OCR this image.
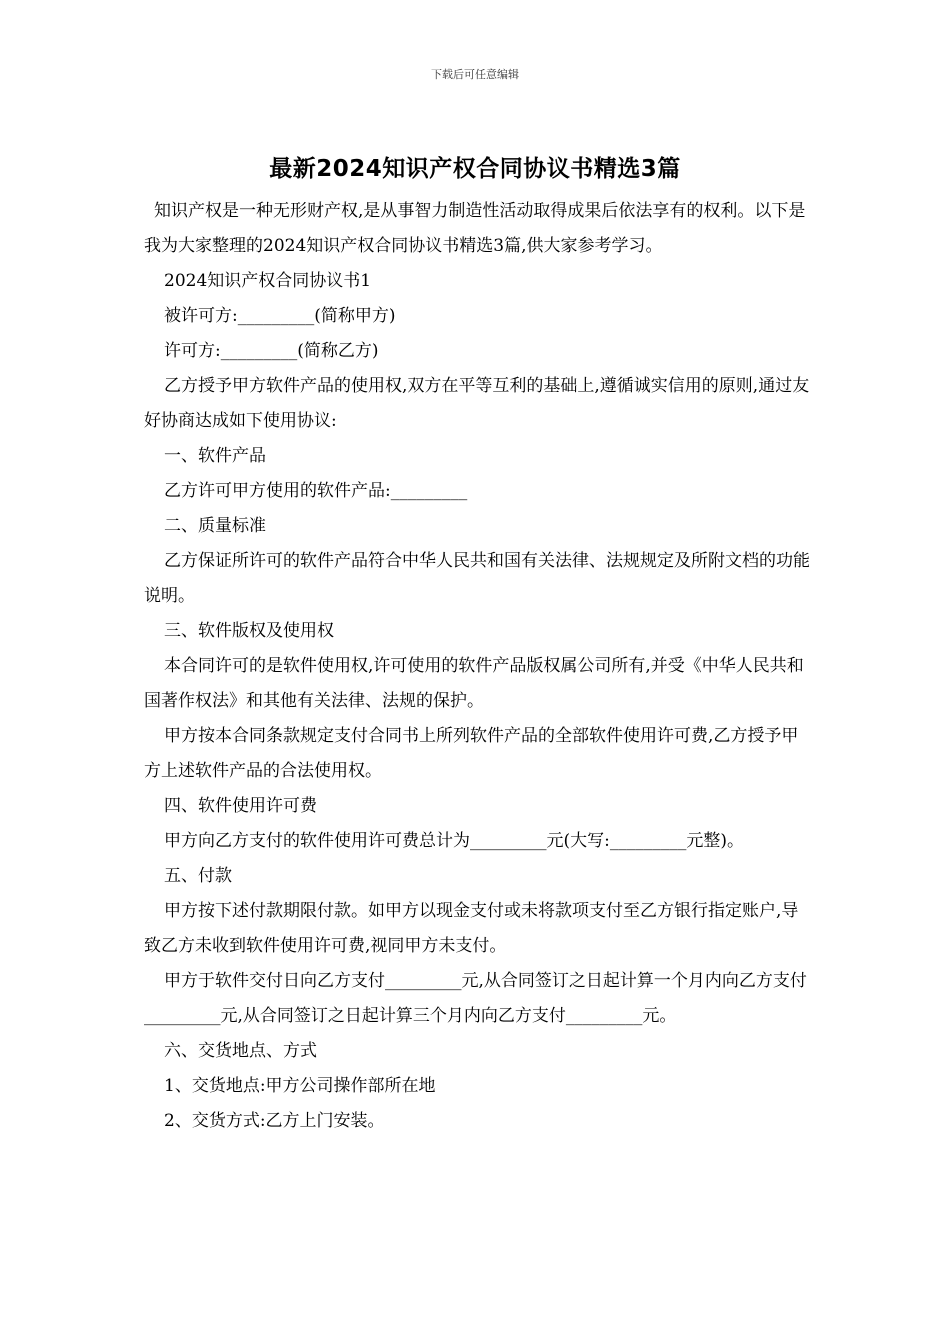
下载后可任意编辑
最新2024知识产权合同协议书精选3篇

知识产权是一种无形财产权,是从事智力制造性活动取得成果后依法享有的权利。以下是我为大家整理的2024知识产权合同协议书精选3篇,供大家参考学习。

2024知识产权合同协议书1

被许可方:_________(简称甲方)

许可方:_________(简称乙方)

乙方授予甲方软件产品的使用权,双方在平等互利的基础上,遵循诚实信用的原则,通过友好协商达成如下使用协议:

一、软件产品

乙方许可甲方使用的软件产品:_________

二、质量标准

乙方保证所许可的软件产品符合中华人民共和国有关法律、法规规定及所附文档的功能说明。

三、软件版权及使用权

本合同许可的是软件使用权,许可使用的软件产品版权属公司所有,并受《中华人民共和国著作权法》和其他有关法律、法规的保护。

甲方按本合同条款规定支付合同书上所列软件产品的全部软件使用许可费,乙方授予甲方上述软件产品的合法使用权。

四、软件使用许可费

甲方向乙方支付的软件使用许可费总计为_________元(大写:_________元整)。

五、付款

甲方按下述付款期限付款。如甲方以现金支付或未将款项支付至乙方银行指定账户,导致乙方未收到软件使用许可费,视同甲方未支付。

甲方于软件交付日向乙方支付_________元,从合同签订之日起计算一个月内向乙方支付_________元,从合同签订之日起计算三个月内向乙方支付_________元。

六、交货地点、方式

1、交货地点:甲方公司操作部所在地

2、交货方式:乙方上门安装。
